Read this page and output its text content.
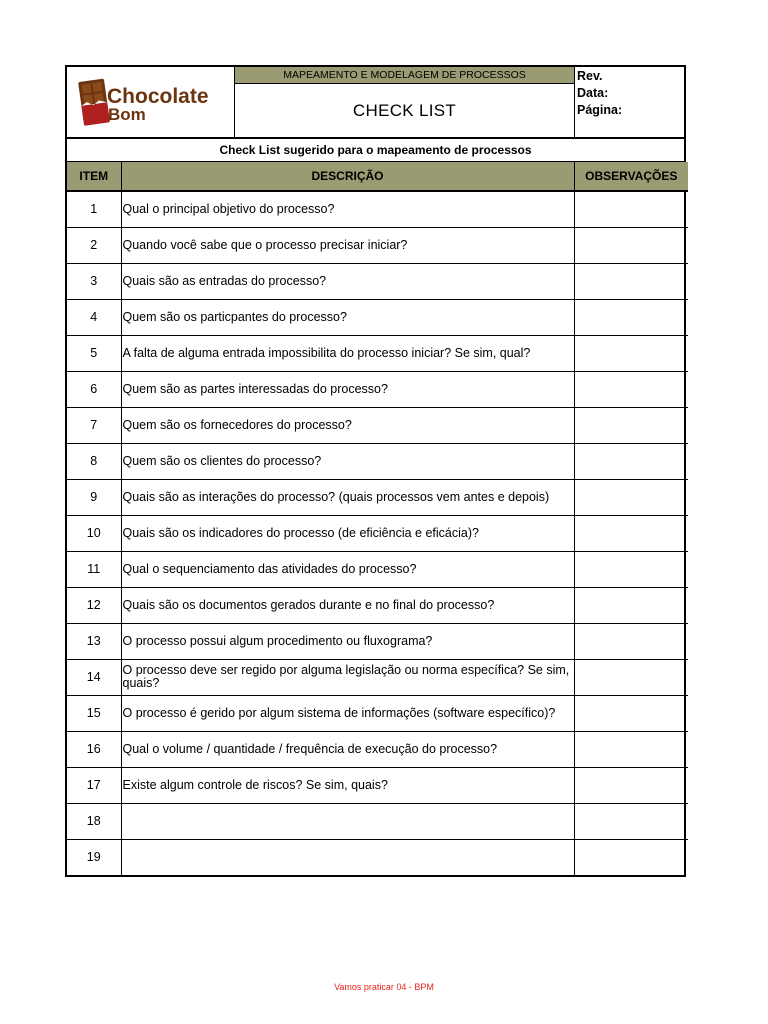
Chocolate
Bom
MAPEAMENTO E MODELAGEM DE PROCESSOS
CHECK LIST
Rev.
Data:
Página:
Check List sugerido para o mapeamento de processos
ITEM	DESCRIÇÃO	OBSERVAÇÕES
1	Qual o principal objetivo do processo?	
2	Quando você sabe que o processo precisar iniciar?	
3	Quais são as entradas do processo?	
4	Quem são os particpantes do processo?	
5	A falta de alguma entrada impossibilita do processo iniciar? Se sim, qual?	
6	Quem são as partes interessadas do processo?	
7	Quem são os fornecedores do processo?	
8	Quem são os clientes do processo?	
9	Quais são as interações do processo? (quais processos vem antes e depois)	
10	Quais são os indicadores do processo (de eficiência e eficácia)?	
11	Qual o sequenciamento das atividades do processo?	
12	Quais são os documentos gerados durante e no final do processo?	
13	O processo possui algum procedimento ou fluxograma?	
14	O processo deve ser regido por alguma legislação ou norma específica? Se sim, quais?	
15	O processo é gerido por algum sistema de informações (software específico)?	
16	Qual o volume / quantidade / frequência de execução do processo?	
17	Existe algum controle de riscos? Se sim, quais?	
18		
19		
Vamos praticar 04 - BPM
